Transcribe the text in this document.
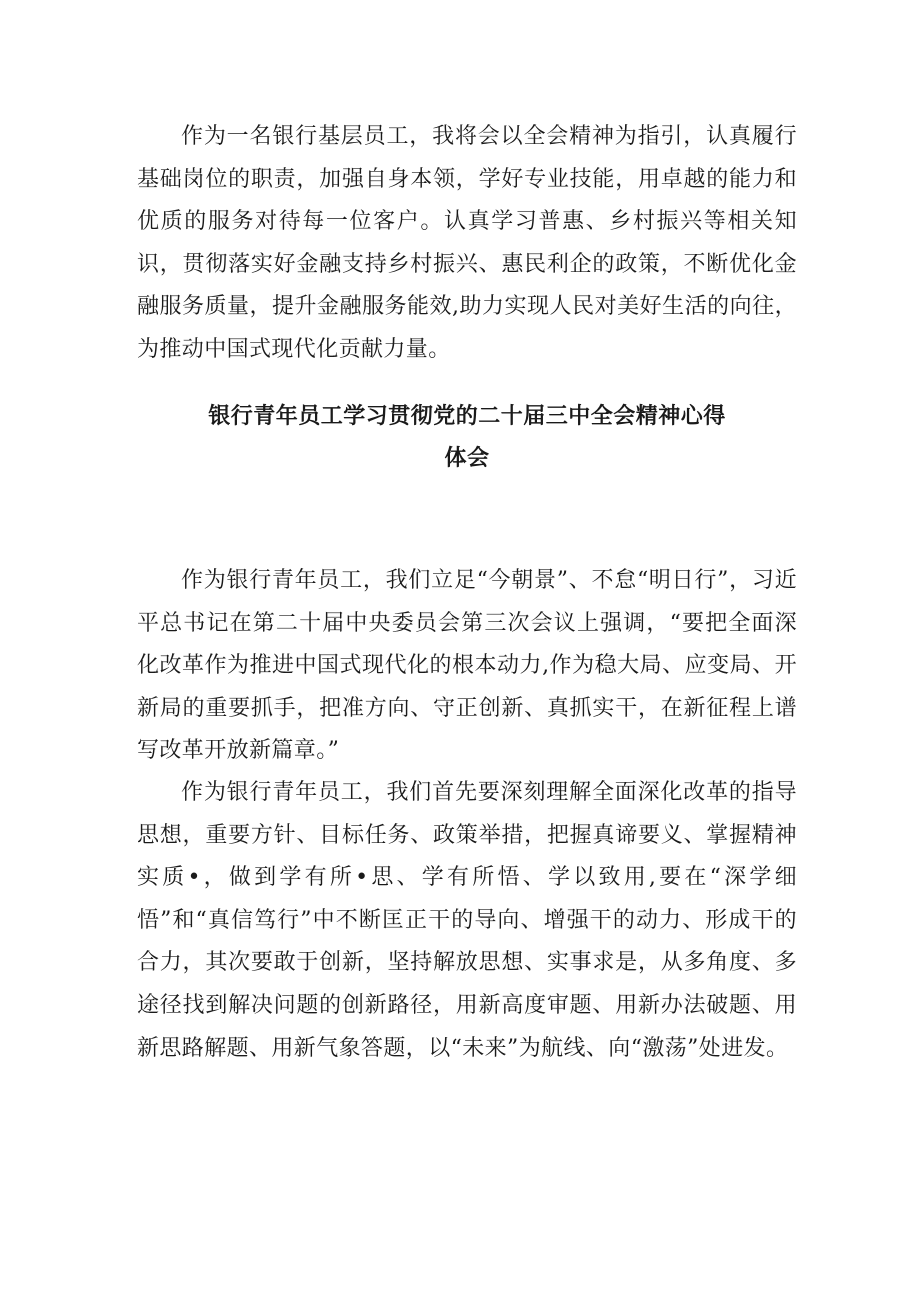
作为一名银行基层员工，我将会以全会精神为指引，认真履行基础岗位的职责，加强自身本领，学好专业技能，用卓越的能力和优质的服务对待每一位客户。认真学习普惠、乡村振兴等相关知识，贯彻落实好金融支持乡村振兴、惠民利企的政策，不断优化金融服务质量，提升金融服务能效,助力实现人民对美好生活的向往，为推动中国式现代化贡献力量。

银行青年员工学习贯彻党的二十届三中全会精神心得
体会

作为银行青年员工，我们立足“今朝景”、不怠“明日行”，习近平总书记在第二十届中央委员会第三次会议上强调，“要把全面深化改革作为推进中国式现代化的根本动力,作为稳大局、应变局、开新局的重要抓手，把准方向、守正创新、真抓实干，在新征程上谱写改革开放新篇章。”

作为银行青年员工，我们首先要深刻理解全面深化改革的指导思想，重要方针、目标任务、政策举措，把握真谛要义、掌握精神实质•，做到学有所•思、学有所悟、学以致用,要在“深学细悟”和“真信笃行”中不断匡正干的导向、增强干的动力、形成干的合力，其次要敢于创新，坚持解放思想、实事求是，从多角度、多途径找到解决问题的创新路径，用新高度审题、用新办法破题、用新思路解题、用新气象答题，以“未来”为航线、向“激荡”处进发。
